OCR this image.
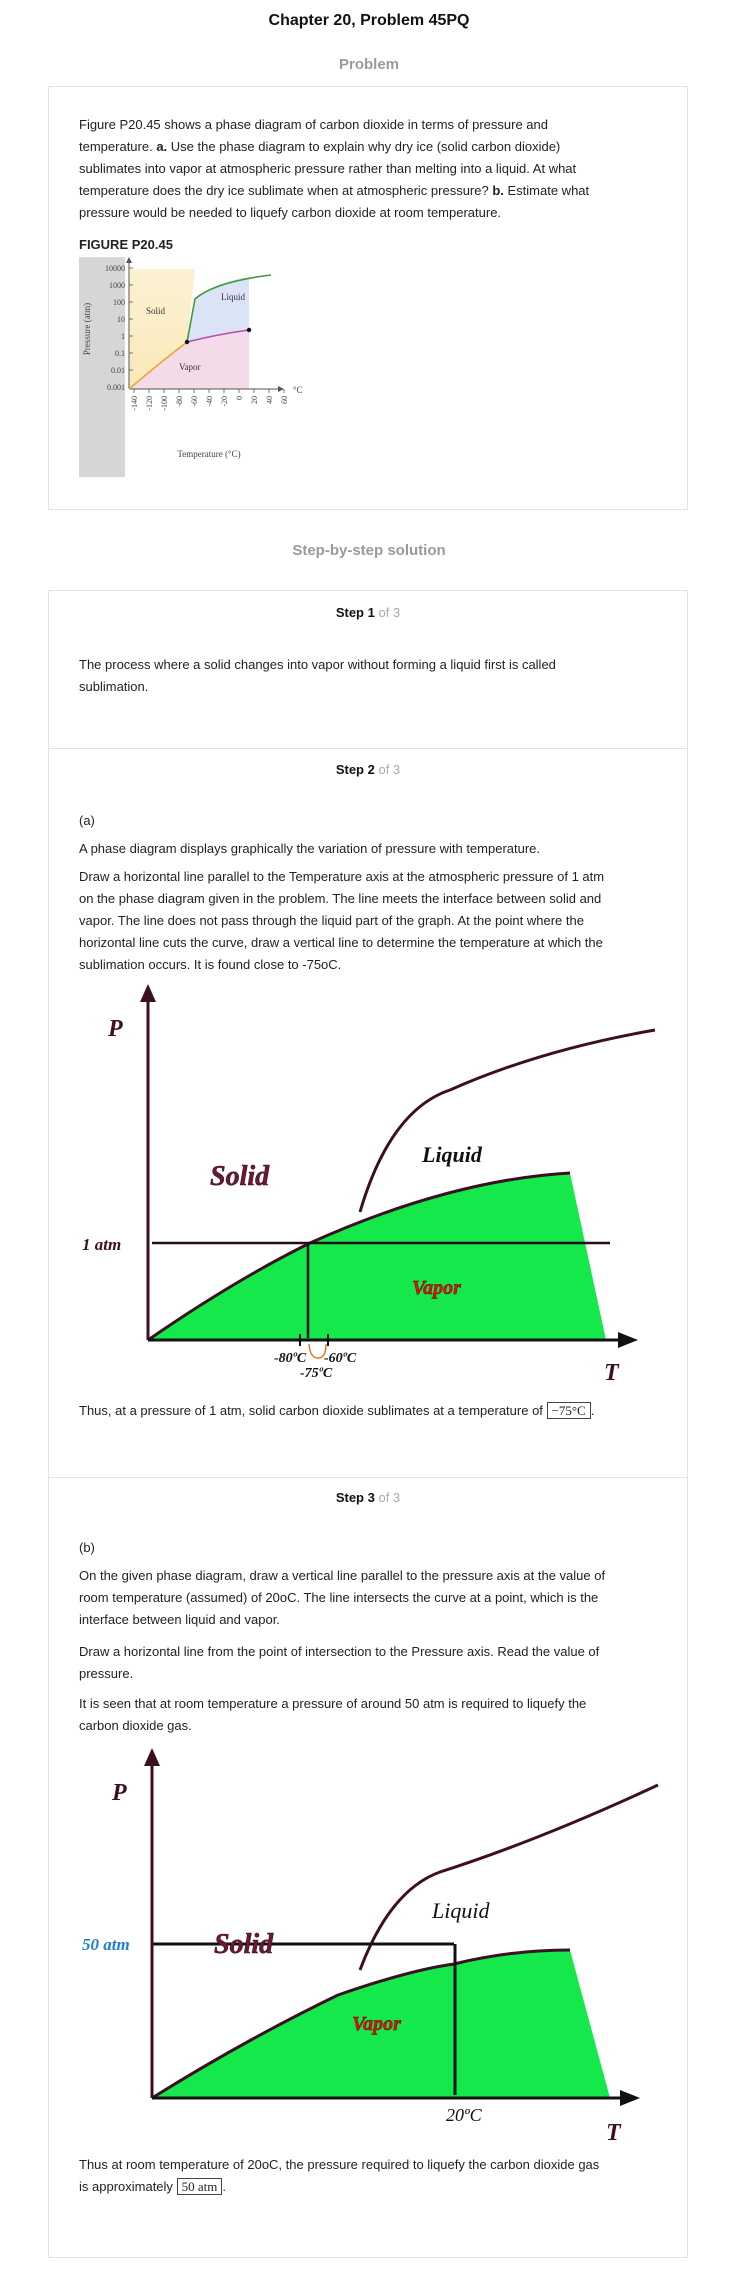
Chapter 20, Problem 45PQ
Problem
Figure P20.45 shows a phase diagram of carbon dioxide in terms of pressure and
temperature. a. Use the phase diagram to explain why dry ice (solid carbon dioxide)
sublimates into vapor at atmospheric pressure rather than melting into a liquid. At what
temperature does the dry ice sublimate when at atmospheric pressure? b. Estimate what
pressure would be needed to liquefy carbon dioxide at room temperature.
FIGURE P20.45
10000
1000
100
10
1
0.1
0.01
0.001
-140 -120 -100 -80 -60 -40 -20 0 20 40 60
°C
Pressure (atm)
Temperature (°C)
Solid
Liquid
Vapor
Step-by-step solution
Step 1 of 3
The process where a solid changes into vapor without forming a liquid first is called
sublimation.
Step 2 of 3
(a)
A phase diagram displays graphically the variation of pressure with temperature.
Draw a horizontal line parallel to the Temperature axis at the atmospheric pressure of 1 atm
on the phase diagram given in the problem. The line meets the interface between solid and
vapor. The line does not pass through the liquid part of the graph. At the point where the
horizontal line cuts the curve, draw a vertical line to determine the temperature at which the
sublimation occurs. It is found close to -75oC.
P
T
Solid
Liquid
Vapor
1 atm
-80ºC -60ºC
-75ºC
Thus, at a pressure of 1 atm, solid carbon dioxide sublimates at a temperature of −75°C .
Step 3 of 3
(b)
On the given phase diagram, draw a vertical line parallel to the pressure axis at the value of
room temperature (assumed) of 20oC. The line intersects the curve at a point, which is the
interface between liquid and vapor.
Draw a horizontal line from the point of intersection to the Pressure axis. Read the value of
pressure.
It is seen that at room temperature a pressure of around 50 atm is required to liquefy the
carbon dioxide gas.
P
T
Solid
Liquid
Vapor
50 atm
20ºC
Thus at room temperature of 20oC, the pressure required to liquefy the carbon dioxide gas
is approximately 50 atm .
